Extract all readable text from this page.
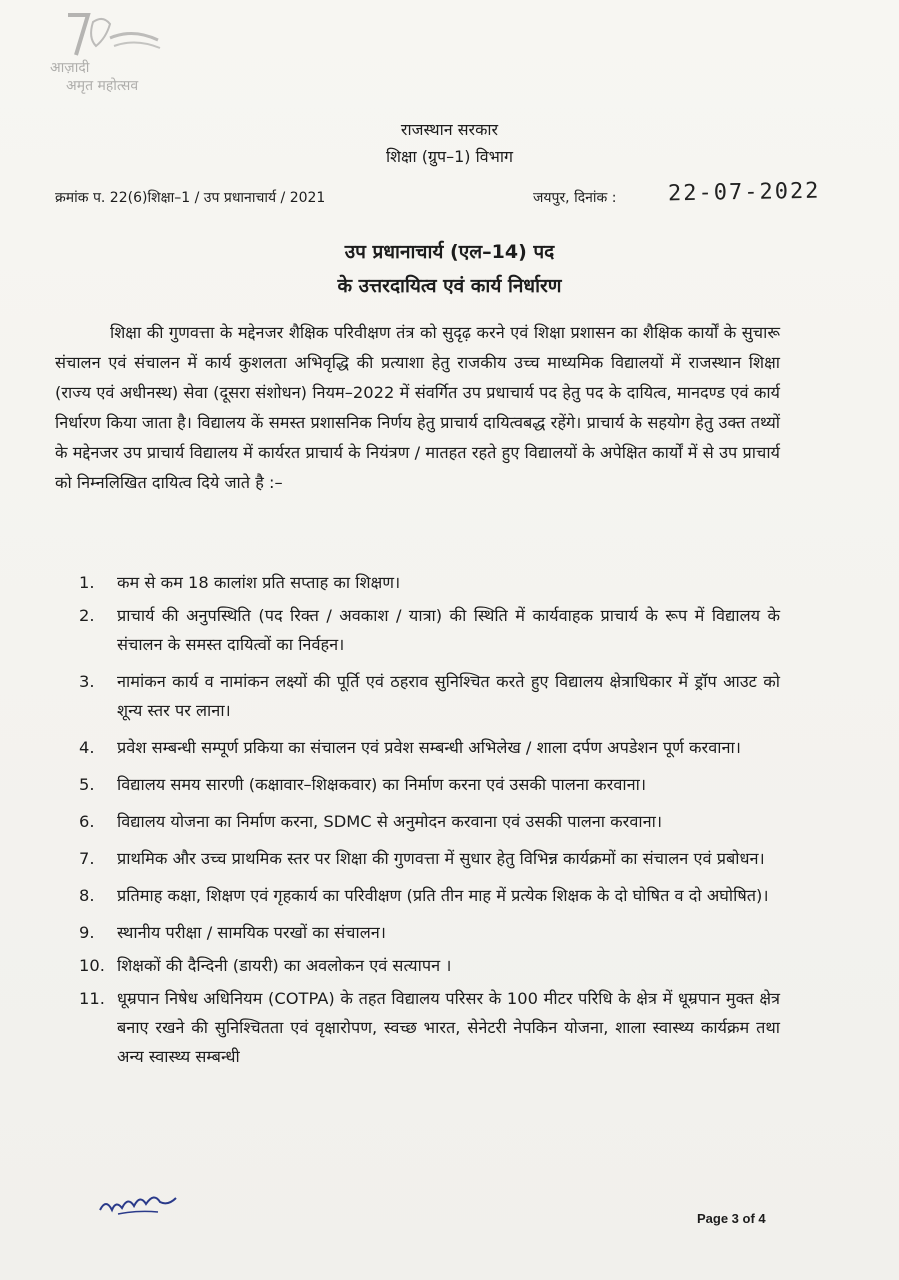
आज़ादी
अमृत महोत्सव
राजस्थान सरकार
शिक्षा (ग्रुप–1) विभाग
क्रमांक प. 22(6)शिक्षा–1 / उप प्रधानाचार्य / 2021	जयपुर, दिनांक : 22-07-2022
उप प्रधानाचार्य (एल–14) पद
के उत्तरदायित्व एवं कार्य निर्धारण
शिक्षा की गुणवत्ता के मद्देनजर शैक्षिक परिवीक्षण तंत्र को सुदृढ़ करने एवं शिक्षा प्रशासन का शैक्षिक कार्यों के सुचारू संचालन एवं संचालन में कार्य कुशलता अभिवृद्धि की प्रत्याशा हेतु राजकीय उच्च माध्यमिक विद्यालयों में राजस्थान शिक्षा (राज्य एवं अधीनस्थ) सेवा (दूसरा संशोधन) नियम–2022 में संवर्गित उप प्रधाचार्य पद हेतु पद के दायित्व, मानदण्ड एवं कार्य निर्धारण किया जाता है। विद्यालय कें समस्त प्रशासनिक निर्णय हेतु प्राचार्य दायित्वबद्ध रहेंगे। प्राचार्य के सहयोग हेतु उक्त तथ्यों के मद्देनजर उप प्राचार्य विद्यालय में कार्यरत प्राचार्य के नियंत्रण / मातहत रहते हुए विद्यालयों के अपेक्षित कार्यों में से उप प्राचार्य को निम्नलिखित दायित्व दिये जाते है :–
1. कम से कम 18 कालांश प्रति सप्ताह का शिक्षण।
2. प्राचार्य की अनुपस्थिति (पद रिक्त / अवकाश / यात्रा) की स्थिति में कार्यवाहक प्राचार्य के रूप में विद्यालय के संचालन के समस्त दायित्वों का निर्वहन।
3. नामांकन कार्य व नामांकन लक्ष्यों की पूर्ति एवं ठहराव सुनिश्चित करते हुए विद्यालय क्षेत्राधिकार में ड्रॉप आउट को शून्य स्तर पर लाना।
4. प्रवेश सम्बन्धी सम्पूर्ण प्रकिया का संचालन एवं प्रवेश सम्बन्धी अभिलेख / शाला दर्पण अपडेशन पूर्ण करवाना।
5. विद्यालय समय सारणी (कक्षावार–शिक्षकवार) का निर्माण करना एवं उसकी पालना करवाना।
6. विद्यालय योजना का निर्माण करना, SDMC से अनुमोदन करवाना एवं उसकी पालना करवाना।
7. प्राथमिक और उच्च प्राथमिक स्तर पर शिक्षा की गुणवत्ता में सुधार हेतु विभिन्न कार्यक्रमों का संचालन एवं प्रबोधन।
8. प्रतिमाह कक्षा, शिक्षण एवं गृहकार्य का परिवीक्षण (प्रति तीन माह में प्रत्येक शिक्षक के दो घोषित व दो अघोषित)।
9. स्थानीय परीक्षा / सामयिक परखों का संचालन।
10. शिक्षकों की दैन्दिनी (डायरी) का अवलोकन एवं सत्यापन ।
11. धूम्रपान निषेध अधिनियम (COTPA) के तहत विद्यालय परिसर के 100 मीटर परिधि के क्षेत्र में धूम्रपान मुक्त क्षेत्र बनाए रखने की सुनिश्चितता एवं वृक्षारोपण, स्वच्छ भारत, सेनेटरी नेपकिन योजना, शाला स्वास्थ्य कार्यक्रम तथा अन्य स्वास्थ्य सम्बन्धी
Page 3 of 4
